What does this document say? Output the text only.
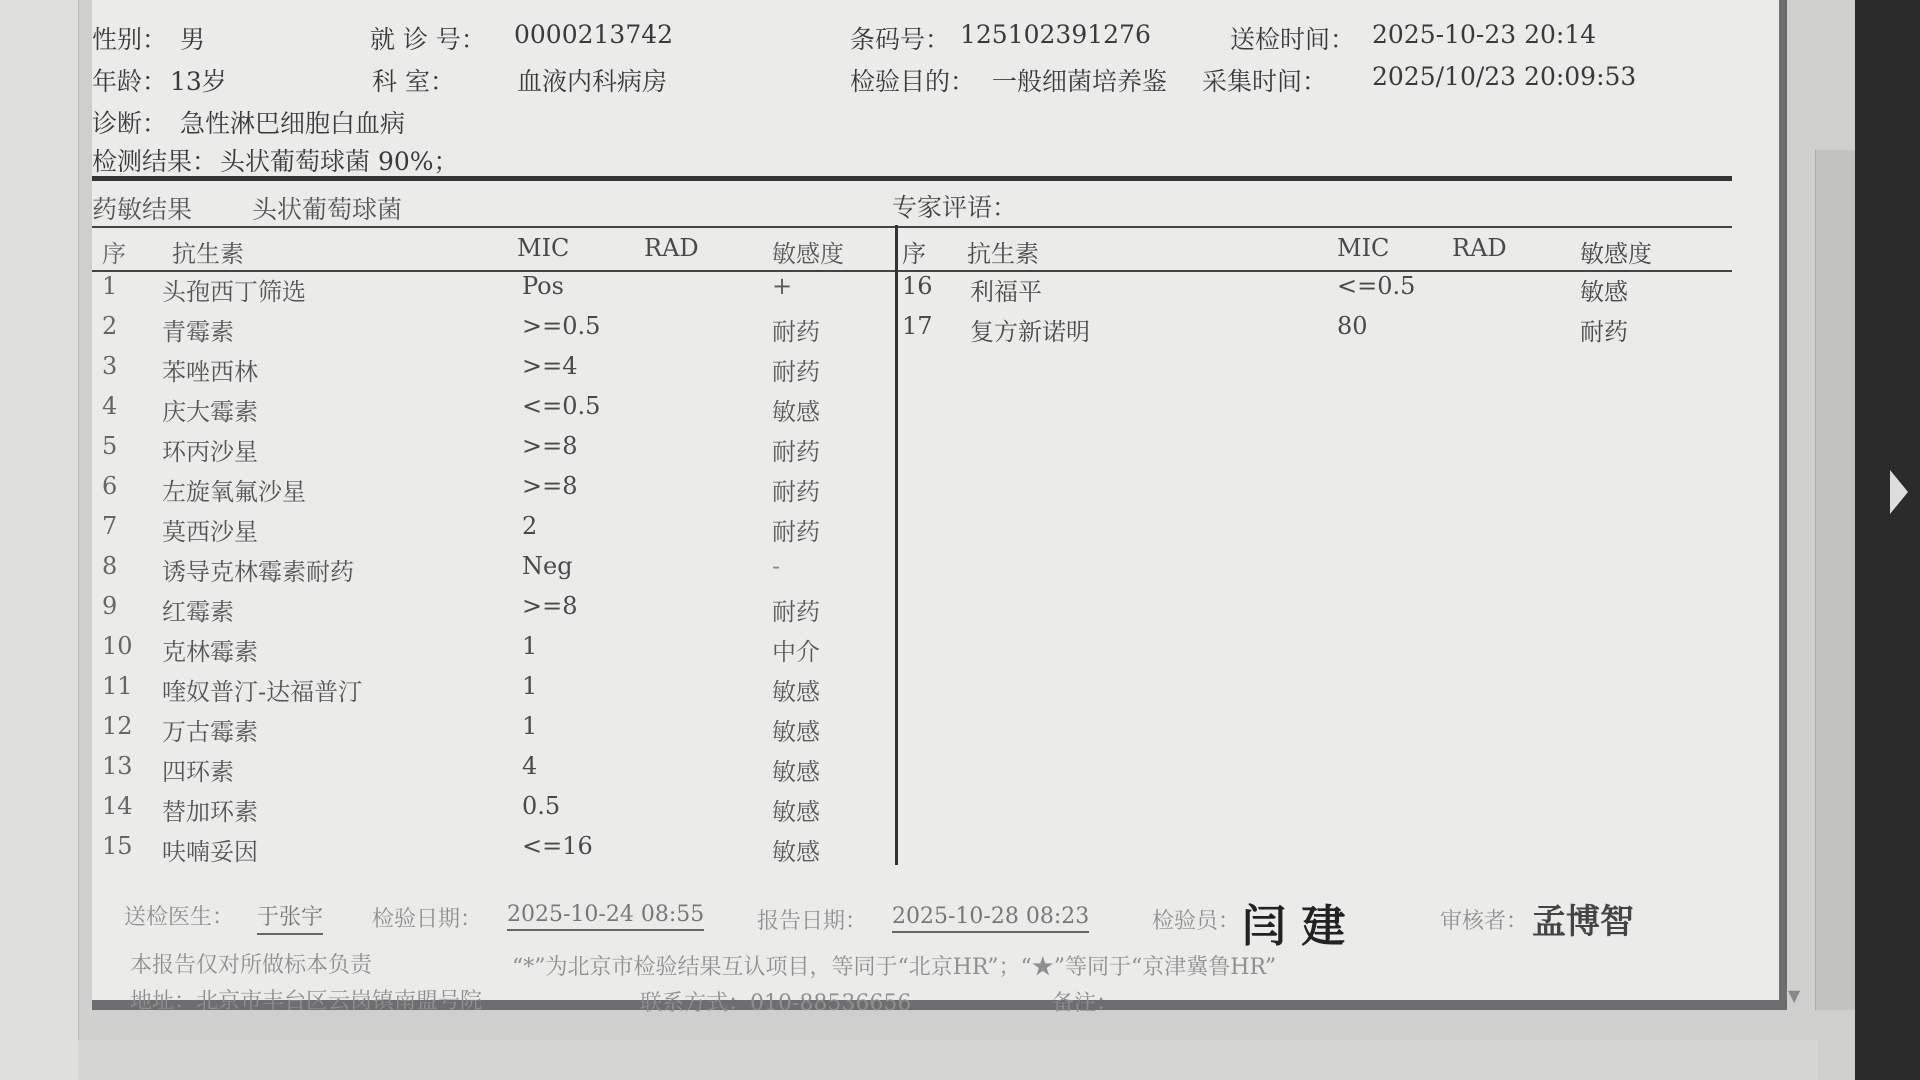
性别： 男	就 诊 号： 0000213742	条码号： 125102391276	送检时间： 2025-10-23 20:14
年龄： 13岁	科 室： 血液内科病房	检验目的： 一般细菌培养鉴 采集时间： 2025/10/23 20:09:53
诊断： 急性淋巴细胞白血病
检测结果： 头状葡萄球菌 90%；
药敏结果 头状葡萄球菌	专家评语：
序 抗生素	MIC	RAD	敏感度 序 抗生素	MIC	RAD	敏感度
1 头孢西丁筛选	Pos	+
2 青霉素	>=0.5	耐药
3 苯唑西林	>=4	耐药
4 庆大霉素	<=0.5	敏感
5 环丙沙星	>=8	耐药
6 左旋氧氟沙星	>=8	耐药
7 莫西沙星	2	耐药
8 诱导克林霉素耐药	Neg	-
9 红霉素	>=8	耐药
10 克林霉素	1	中介
11 喹奴普汀-达福普汀	1	敏感
12 万古霉素	1	敏感
13 四环素	4	敏感
14 替加环素	0.5	敏感
15 呋喃妥因	<=16	敏感
16 利福平	<=0.5	敏感
17 复方新诺明	80	耐药
送检医生： 于张宇 检验日期： 2025-10-24 08:55 报告日期： 2025-10-28 08:23	检验员： 闫 建	审核者： 孟博智
本报告仅对所做标本负责	“*”为北京市检验结果互认项目，等同于“北京HR”；“★”等同于“京津冀鲁HR”
地址：北京市丰台区云岗镇南盟号院	联系方式：010-88536656	备注：	▼
